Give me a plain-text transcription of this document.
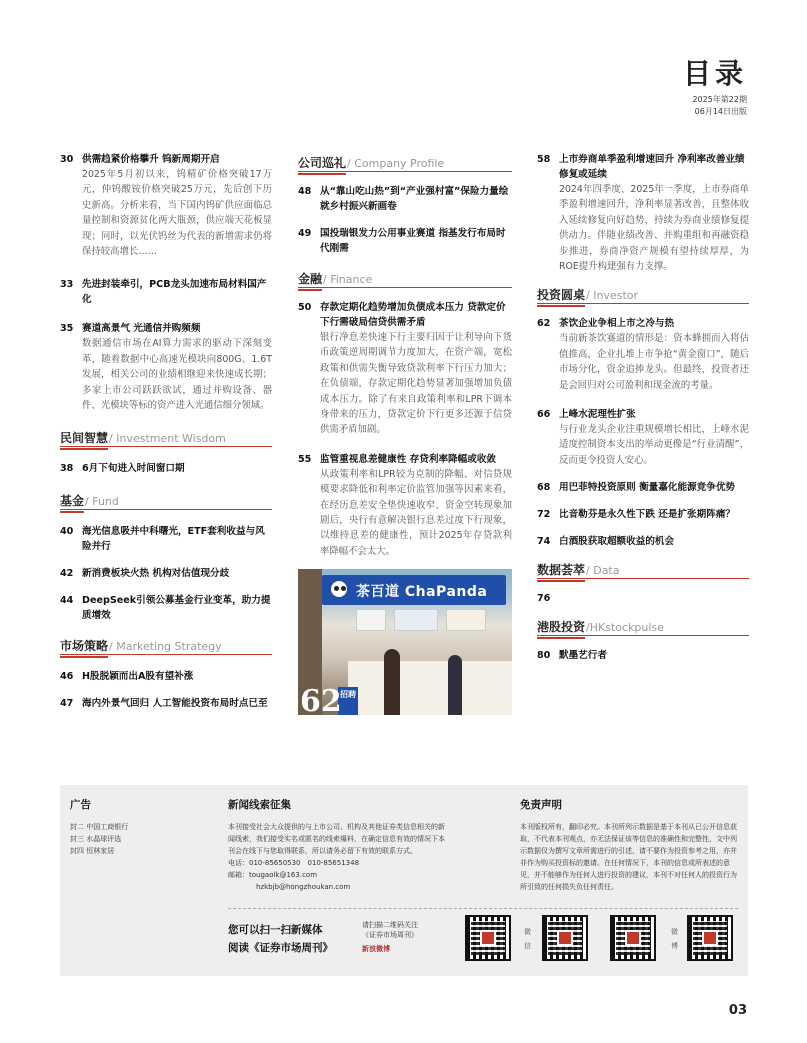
目录
2025年第22期
06月14日出版
30 供需趋紧价格攀升 钨新周期开启
2025年5月初以来，钨精矿价格突破17万元，仲钨酸铵价格突破25万元，先后创下历史新高。分析来看，当下国内钨矿供应面临总量控制和资源贫化两大瓶颈，供应端天花板显现；同时，以光伏钨丝为代表的新增需求仍将保持较高增长……
33 先进封装牵引，PCB龙头加速布局材料国产化
35 赛道高景气 光通信并购频频
数据通信市场在AI算力需求的驱动下深刻变革，随着数据中心高速光模块向800G、1.6T发展，相关公司的业绩相继迎来快速成长期；多家上市公司跃跃欲试，通过并购设备、器件、光模块等标的资产进入光通信细分领域。
民间智慧/ Investment Wisdom
38 6月下旬进入时间窗口期
基金/ Fund
40 海光信息吸并中科曙光，ETF套利收益与风险并行
42 新消费板块火热 机构对估值现分歧
44 DeepSeek引领公募基金行业变革，助力提质增效
市场策略/ Marketing Strategy
46 H股脱颖而出A股有望补涨
47 海内外景气回归 人工智能投资布局时点已至
公司巡礼/ Company Profile
48 从“靠山吃山热”到“产业强村富”保险力量绘就乡村振兴新画卷
49 国投瑞银发力公用事业赛道 指基发行布局时代刚需
金融/ Finance
50 存款定期化趋势增加负债成本压力 贷款定价下行需破局信贷供需矛盾
银行净息差快速下行主要归因于让利导向下货币政策逆周期调节力度加大，在资产端，宽松政策和供需失衡导致贷款利率下行压力加大；在负债端，存款定期化趋势显著加强增加负债成本压力。除了有来自政策利率和LPR下调本身带来的压力，贷款定价下行更多还源于信贷供需矛盾加剧。
55 监管重视息差健康性 存贷利率降幅或收敛
从政策利率和LPR较为克制的降幅、对信贷规模要求降低和利率定价监管加强等因素来看，在经历息差安全垫快速收窄、资金空转现象加剧后，央行有意解决银行息差过度下行现象，以维持息差的健康性，预计2025年存贷款利率降幅不会太大。
茶百道 ChaPanda
招聘
62
58 上市券商单季盈利增速回升 净利率改善业绩修复或延续
2024年四季度、2025年一季度，上市券商单季盈利增速回升，净利率显著改善，且整体收入延续修复向好趋势，持续为券商业绩修复提供动力。伴随业绩改善、并购重组和再融资稳步推进，券商净资产规模有望持续厚厚，为ROE提升构建强有力支撑。
投资圆桌/ Investor
62 茶饮企业争相上市之冷与热
当前新茶饮赛道的情形是：资本蜂拥而入将估值推高，企业扎堆上市争抢“黄金窗口”，随后市场分化，资金追捧龙头。但最终，投资者还是会回归对公司盈利和现金流的考量。
66 上峰水泥理性扩张
与行业龙头企业注重规模增长相比，上峰水泥适度控制资本支出的举动更像是“行业清醒”，反而更令投资人安心。
68 用巴菲特投资原则 衡量嘉化能源竞争优势
72 比音勒芬是永久性下跌 还是扩张期阵痛？
74 白酒股获取超额收益的机会
数据荟萃/ Data
76
港股投资/HKstockpulse
80 默墨艺行者
广告
封二 中国工商银行
封三 水晶球评选
封四 恒林家居
新闻线索征集
本刊接受社会大众提供的与上市公司、机构及其他证券类信息相关的新闻线索，我们接受实名或匿名的线索爆料，在确定信息有效的情况下本刊会在线下与您取得联系，所以请务必留下有效的联系方式。
电话：010-85650530　010-85651348
邮箱：tougaolk@163.com
hzkbjb@hongzhoukan.com
免责声明
本刊版权所有，翻印必究。本刊所列示数据是基于本刊从已公开信息获取，不代表本刊观点，亦无法保证该等信息的准确性和完整性，文中列示数据仅为撰写文章所需进行的引述，请不要作为投资参考之用，亦并非作为购买投资标的邀请。在任何情况下，本刊的信息或所表述的意见，并不能够作为任何人进行投资的建议，本刊不对任何人的投资行为所引致的任何损失负任何责任。
您可以扫一扫新媒体
阅读《证券市场周刊》
请扫描二维码关注
《证券市场周刊》
新浪微博
微
信
微
博
03
